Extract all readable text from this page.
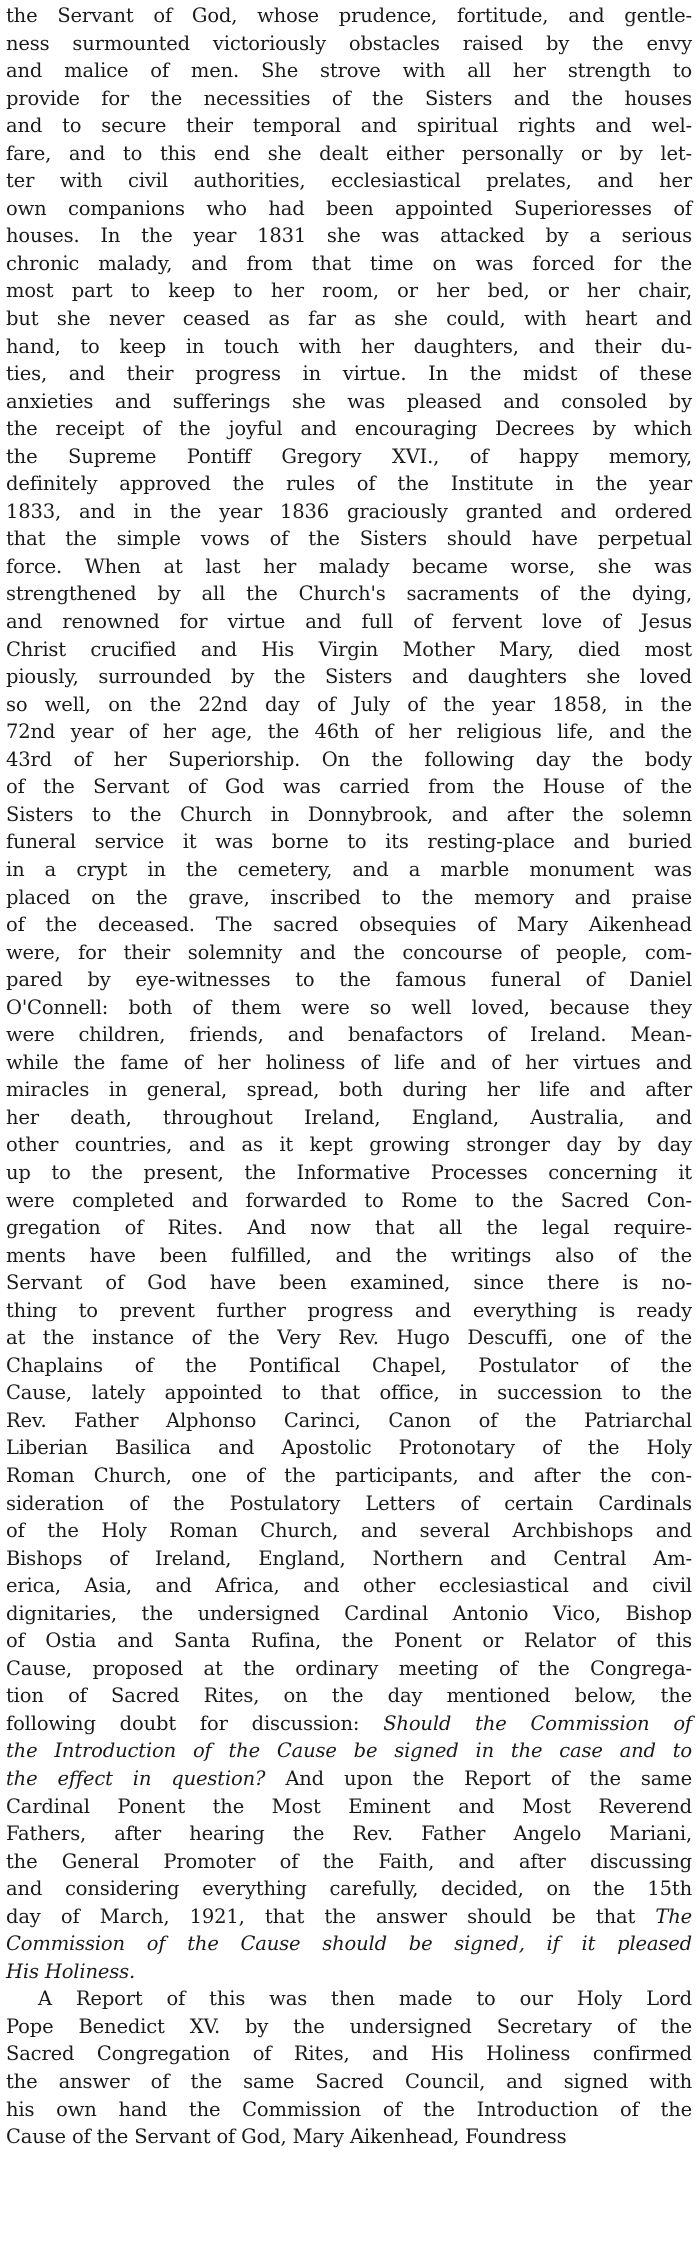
the Servant of God, whose prudence, fortitude, and gentle-
ness surmounted victoriously obstacles raised by the envy
and malice of men. She strove with all her strength to
provide for the necessities of the Sisters and the houses
and to secure their temporal and spiritual rights and wel-
fare, and to this end she dealt either personally or by let-
ter with civil authorities, ecclesiastical prelates, and her
own companions who had been appointed Superioresses of
houses. In the year 1831 she was attacked by a serious
chronic malady, and from that time on was forced for the
most part to keep to her room, or her bed, or her chair,
but she never ceased as far as she could, with heart and
hand, to keep in touch with her daughters, and their du-
ties, and their progress in virtue. In the midst of these
anxieties and sufferings she was pleased and consoled by
the receipt of the joyful and encouraging Decrees by which
the Supreme Pontiff Gregory XVI., of happy memory,
definitely approved the rules of the Institute in the year
1833, and in the year 1836 graciously granted and ordered
that the simple vows of the Sisters should have perpetual
force. When at last her malady became worse, she was
strengthened by all the Church's sacraments of the dying,
and renowned for virtue and full of fervent love of Jesus
Christ crucified and His Virgin Mother Mary, died most
piously, surrounded by the Sisters and daughters she loved
so well, on the 22nd day of July of the year 1858, in the
72nd year of her age, the 46th of her religious life, and the
43rd of her Superiorship. On the following day the body
of the Servant of God was carried from the House of the
Sisters to the Church in Donnybrook, and after the solemn
funeral service it was borne to its resting-place and buried
in a crypt in the cemetery, and a marble monument was
placed on the grave, inscribed to the memory and praise
of the deceased. The sacred obsequies of Mary Aikenhead
were, for their solemnity and the concourse of people, com-
pared by eye-witnesses to the famous funeral of Daniel
O'Connell: both of them were so well loved, because they
were children, friends, and benafactors of Ireland. Mean-
while the fame of her holiness of life and of her virtues and
miracles in general, spread, both during her life and after
her death, throughout Ireland, England, Australia, and
other countries, and as it kept growing stronger day by day
up to the present, the Informative Processes concerning it
were completed and forwarded to Rome to the Sacred Con-
gregation of Rites. And now that all the legal require-
ments have been fulfilled, and the writings also of the
Servant of God have been examined, since there is no-
thing to prevent further progress and everything is ready
at the instance of the Very Rev. Hugo Descuffi, one of the
Chaplains of the Pontifical Chapel, Postulator of the
Cause, lately appointed to that office, in succession to the
Rev. Father Alphonso Carinci, Canon of the Patriarchal
Liberian Basilica and Apostolic Protonotary of the Holy
Roman Church, one of the participants, and after the con-
sideration of the Postulatory Letters of certain Cardinals
of the Holy Roman Church, and several Archbishops and
Bishops of Ireland, England, Northern and Central Am-
erica, Asia, and Africa, and other ecclesiastical and civil
dignitaries, the undersigned Cardinal Antonio Vico, Bishop
of Ostia and Santa Rufina, the Ponent or Relator of this
Cause, proposed at the ordinary meeting of the Congrega-
tion of Sacred Rites, on the day mentioned below, the
following doubt for discussion: Should the Commission of
the Introduction of the Cause be signed in the case and to
the effect in question? And upon the Report of the same
Cardinal Ponent the Most Eminent and Most Reverend
Fathers, after hearing the Rev. Father Angelo Mariani,
the General Promoter of the Faith, and after discussing
and considering everything carefully, decided, on the 15th
day of March, 1921, that the answer should be that The
Commission of the Cause should be signed, if it pleased
His Holiness.
A Report of this was then made to our Holy Lord
Pope Benedict XV. by the undersigned Secretary of the
Sacred Congregation of Rites, and His Holiness confirmed
the answer of the same Sacred Council, and signed with
his own hand the Commission of the Introduction of the
Cause of the Servant of God, Mary Aikenhead, Foundress
